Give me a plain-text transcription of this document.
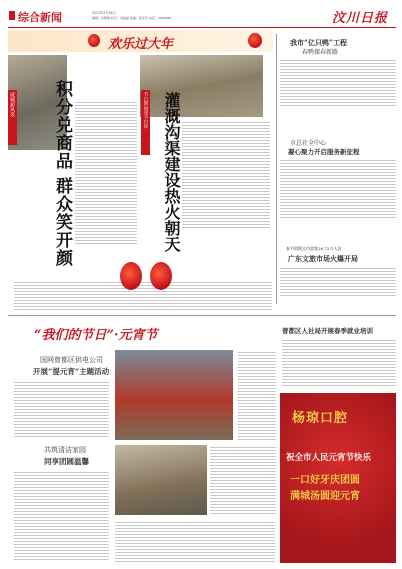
综合新闻	2021年2月26日
编辑：肖雅楠 校对：刘丽丽 美编：郝亚军 电话：3003888	汶川日报
欢乐过大年
咸城新风采	积分兑商品 群众笑开颜	节日期间里不打烊 灌溉沟渠建设热火朝天
我市“亿只鸭”工程
春鸭探春新路
市总社全中心
凝心聚力开启服务新征程
春节假期全市游客26.72万人次
广东文旅市场火爆开局
曾都区人社局开展春季就业培训
“我们的节日”·元宵节
国网曾都区供电公司
开展“提元宵”主题活动
共筑清洁家园
同享团圆温馨
杨琼口腔
祝全市人民元宵节快乐
一口好牙庆团圆
满城汤圆迎元宵
